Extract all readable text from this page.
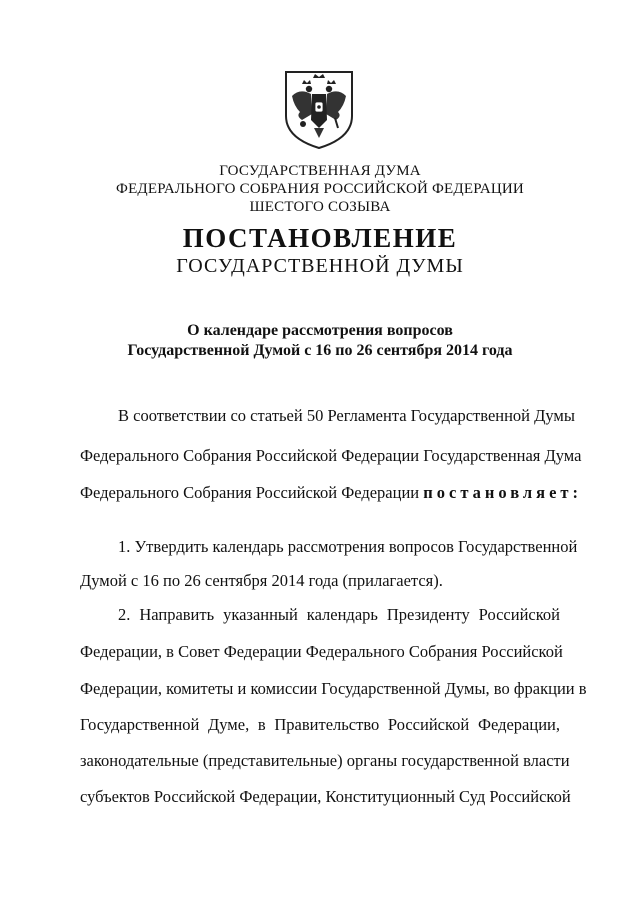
ГОСУДАРСТВЕННАЯ ДУМА
ФЕДЕРАЛЬНОГО СОБРАНИЯ РОССИЙСКОЙ ФЕДЕРАЦИИ
ШЕСТОГО СОЗЫВА
ПОСТАНОВЛЕНИЕ
ГОСУДАРСТВЕННОЙ ДУМЫ
О календаре рассмотрения вопросов
Государственной Думой с 16 по 26 сентября 2014 года
В соответствии со статьей 50 Регламента Государственной Думы
Федерального Собрания Российской Федерации Государственная Дума
Федерального Собрания Российской Федерации постановляет:
1. Утвердить календарь рассмотрения вопросов Государственной
Думой с 16 по 26 сентября 2014 года (прилагается).
2. Направить указанный календарь Президенту Российской
Федерации, в Совет Федерации Федерального Собрания Российской
Федерации, комитеты и комиссии Государственной Думы, во фракции в
Государственной Думе, в Правительство Российской Федерации,
законодательные (представительные) органы государственной власти
субъектов Российской Федерации, Конституционный Суд Российской
